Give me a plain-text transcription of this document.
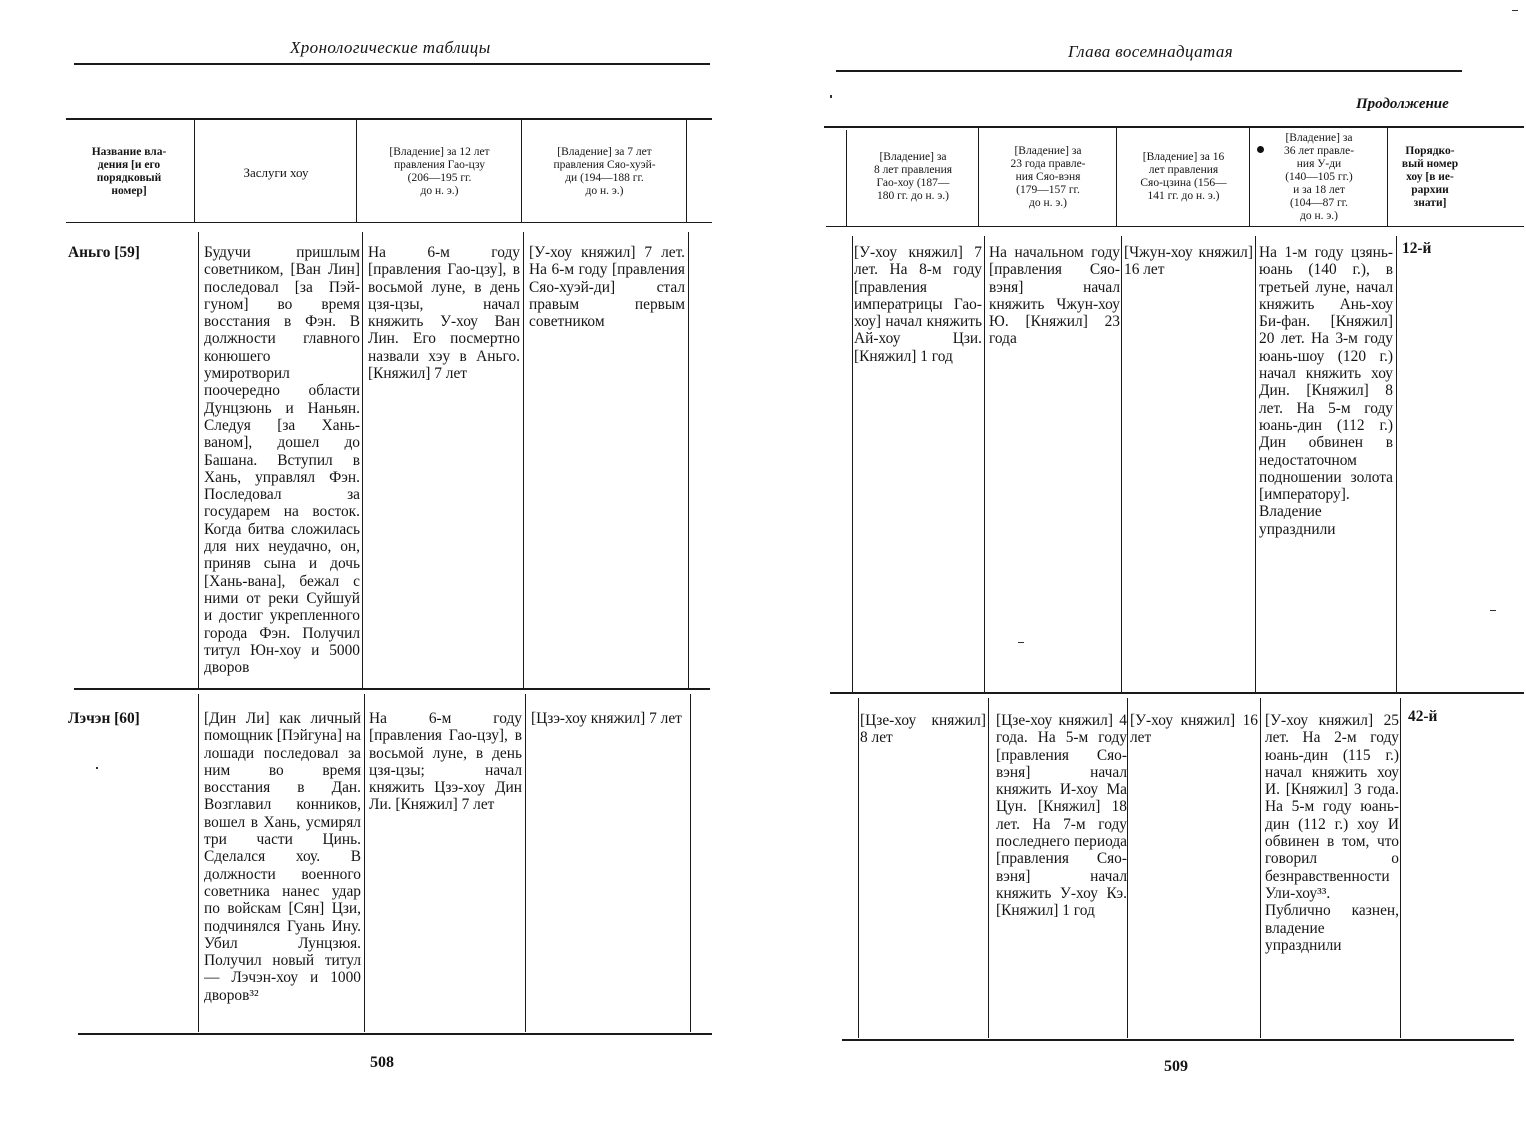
Хронологические таблицы
Название вла-
дения [и его
порядковый
номер]
Заслуги хоу
[Владение] за 12 лет
правления Гао-цзу
(206—195 гг.
до н. э.)
[Владение] за 7 лет
правления Сяо-хуэй-
ди (194—188 гг.
до н. э.)
Аньго [59]	Будучи пришлым советником, [Ван Лин] последовал [за Пэй-гуном] во время восстания в Фэн. В должности главного конюшего умиротворил поочередно области Дунцзюнь и Наньян. Следуя [за Хань-ваном], дошел до Башана. Вступил в Хань, управлял Фэн. Последовал за государем на восток. Когда битва сложилась для них неудачно, он, приняв сына и дочь [Хань-вана], бежал с ними от реки Суйшуй и достиг укрепленного города Фэн. Получил титул Юн-хоу и 5000 дворов
На 6-м году [правления Гао-цзу], в восьмой луне, в день цзя-цзы, начал княжить У-хоу Ван Лин. Его посмертно назвали хэу в Аньго. [Княжил] 7 лет
[У-хоу княжил] 7 лет. На 6-м году [правления Сяо-хуэй-ди] стал правым первым советником
Лэчэн [60]	[Дин Ли] как личный помощник [Пэйгуна] на лошади последовал за ним во время восстания в Дан. Возглавил конников, вошел в Хань, усмирял три части Цинь. Сделался хоу. В должности военного советника нанес удар по войскам [Сян] Цзи, подчинялся Гуань Ину. Убил Лунцзюя. Получил новый титул — Лэчэн-хоу и 1000 дворов³²
На 6-м году [правления Гао-цзу], в восьмой луне, в день цзя-цзы; начал княжить Цзэ-хоу Дин Ли. [Княжил] 7 лет
[Цзэ-хоу княжил] 7 лет
508
Глава восемнадцатая
Продолжение
[Владение] за
8 лет правления
Гао-хоу (187—
180 гг. до н. э.)
[Владение] за
23 года правле-
ния Сяо-вэня
(179—157 гг.
до н. э.)
[Владение] за 16
лет правления
Сяо-цзина (156—
141 гг. до н. э.)
[Владение] за
36 лет правле-
ния У-ди
(140—105 гг.)
и за 18 лет
(104—87 гг.
до н. э.)
Порядко-
вый номер
хоу [в ие-
рархии
знати]
[У-хоу княжил] 7 лет. На 8-м году [правления императрицы Гао-хоу] начал княжить Ай-хоу Цзи. [Княжил] 1 год
На начальном году [правления Сяо-вэня] начал княжить Чжун-хоу Ю. [Княжил] 23 года
[Чжун-хоу княжил] 16 лет
На 1-м году цзянь-юань (140 г.), в третьей луне, начал княжить Ань-хоу Би-фан. [Княжил] 20 лет. На 3-м году юань-шоу (120 г.) начал княжить хоу Дин. [Княжил] 8 лет. На 5-м году юань-дин (112 г.) Дин обвинен в недостаточном подношении золота [императору]. Владение упразднили
12-й
[Цзе-хоу княжил] 8 лет
[Цзе-хоу княжил] 4 года. На 5-м году [правления Сяо-вэня] начал княжить И-хоу Ма Цун. [Княжил] 18 лет. На 7-м году последнего периода [правления Сяо-вэня] начал княжить У-хоу Кэ. [Княжил] 1 год
[У-хоу княжил] 16 лет
[У-хоу княжил] 25 лет. На 2-м году юань-дин (115 г.) начал княжить хоу И. [Княжил] 3 года. На 5-м году юань-дин (112 г.) хоу И обвинен в том, что говорил о безнравственности Ули-хоу³³. Публично казнен, владение упразднили
42-й
509
